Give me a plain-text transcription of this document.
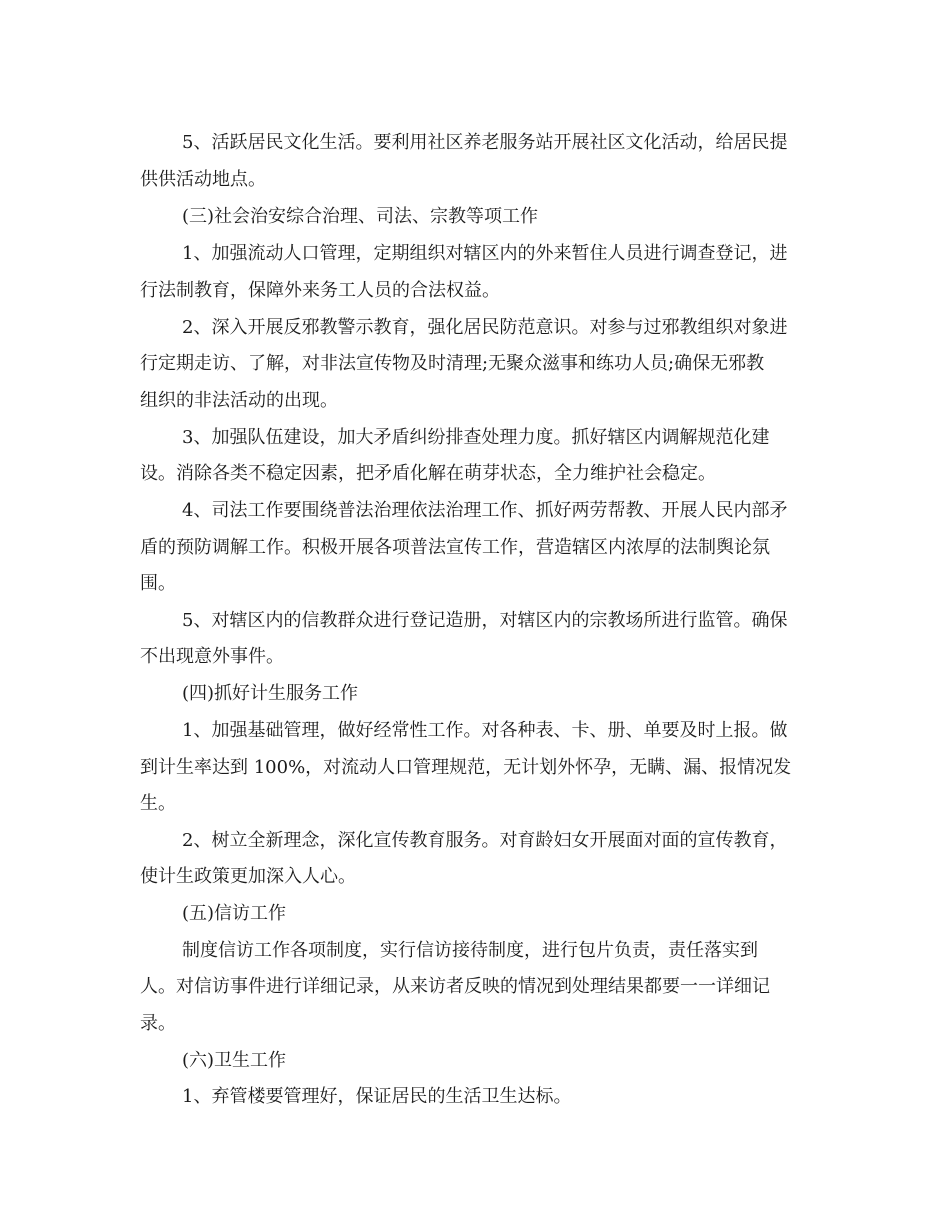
5、活跃居民文化生活。要利用社区养老服务站开展社区文化活动，给居民提
供供活动地点。
(三)社会治安综合治理、司法、宗教等项工作
1、加强流动人口管理，定期组织对辖区内的外来暂住人员进行调查登记，进
行法制教育，保障外来务工人员的合法权益。
2、深入开展反邪教警示教育，强化居民防范意识。对参与过邪教组织对象进
行定期走访、了解，对非法宣传物及时清理;无聚众滋事和练功人员;确保无邪教
组织的非法活动的出现。
3、加强队伍建设，加大矛盾纠纷排查处理力度。抓好辖区内调解规范化建
设。消除各类不稳定因素，把矛盾化解在萌芽状态，全力维护社会稳定。
4、司法工作要围绕普法治理依法治理工作、抓好两劳帮教、开展人民内部矛
盾的预防调解工作。积极开展各项普法宣传工作，营造辖区内浓厚的法制舆论氛
围。
5、对辖区内的信教群众进行登记造册，对辖区内的宗教场所进行监管。确保
不出现意外事件。
(四)抓好计生服务工作
1、加强基础管理，做好经常性工作。对各种表、卡、册、单要及时上报。做
到计生率达到 100%，对流动人口管理规范，无计划外怀孕，无瞒、漏、报情况发
生。
2、树立全新理念，深化宣传教育服务。对育龄妇女开展面对面的宣传教育，
使计生政策更加深入人心。
(五)信访工作
制度信访工作各项制度，实行信访接待制度，进行包片负责，责任落实到
人。对信访事件进行详细记录，从来访者反映的情况到处理结果都要一一详细记
录。
(六)卫生工作
1、弃管楼要管理好，保证居民的生活卫生达标。
